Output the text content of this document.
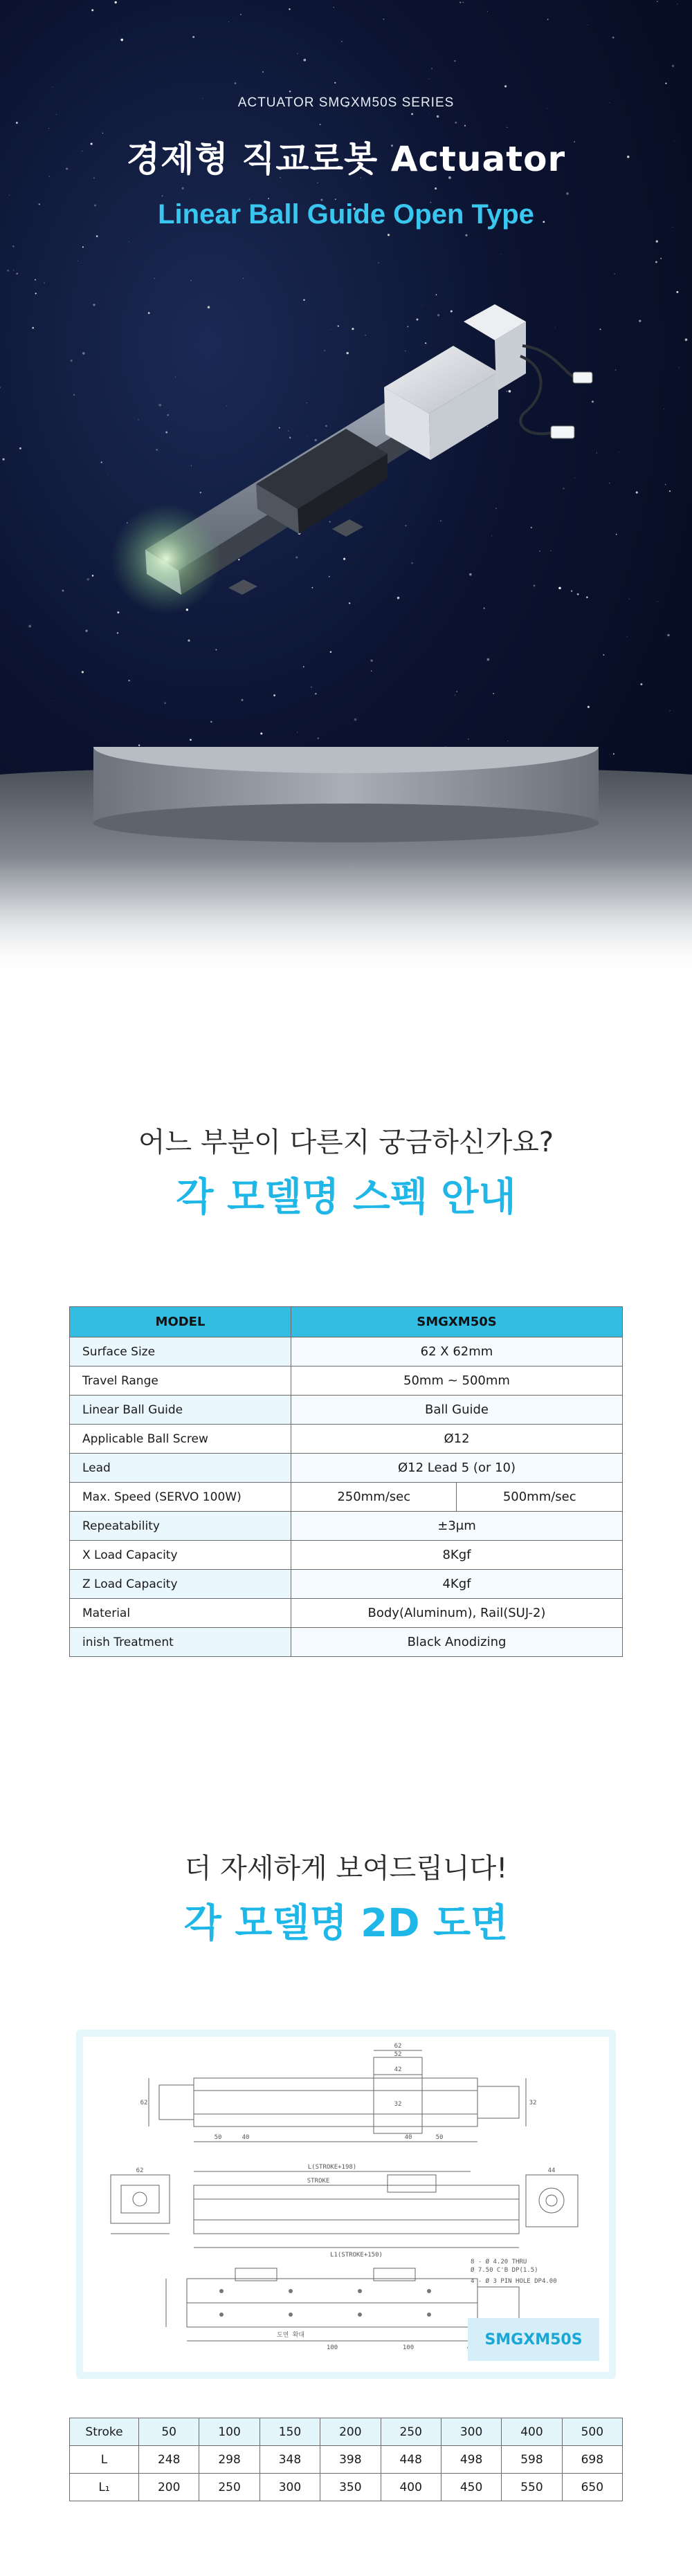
ACTUATOR SMGXM50S SERIES
경제형 직교로봇 Actuator
Linear Ball Guide Open Type
어느 부분이 다른지 궁금하신가요?
각 모델명 스펙 안내
MODEL	SMGXM50S	
Surface Size	62 X 62mm	
Travel Range	50mm ~ 500mm	
Linear Ball Guide	Ball Guide	
Applicable Ball Screw	Ø12	
Lead	Ø12 Lead 5 (or 10)	
Max. Speed (SERVO 100W)	250mm/sec	500mm/sec
Repeatability	±3μm	
X Load Capacity	8Kgf	
Z Load Capacity	4Kgf	
Material	Body(Aluminum), Rail(SUJ-2)	
inish Treatment	Black Anodizing	
더 자세하게 보여드립니다!
각 모델명 2D 도면
62
52
42
32
62	32
50	40	40	50
STROKE
L(STROKE+198)
L1(STROKE+150)
62	44
100
도면 확대
100
8 - Ø 4.20 THRU
Ø 7.50 C'B DP(1.5)
4 - Ø 3 PIN HOLE DP4.00
SMGXM50S
Stroke	50	100	150	200	250	300	400	500
L	248	298	348	398	448	498	598	698
L₁	200	250	300	350	400	450	550	650
